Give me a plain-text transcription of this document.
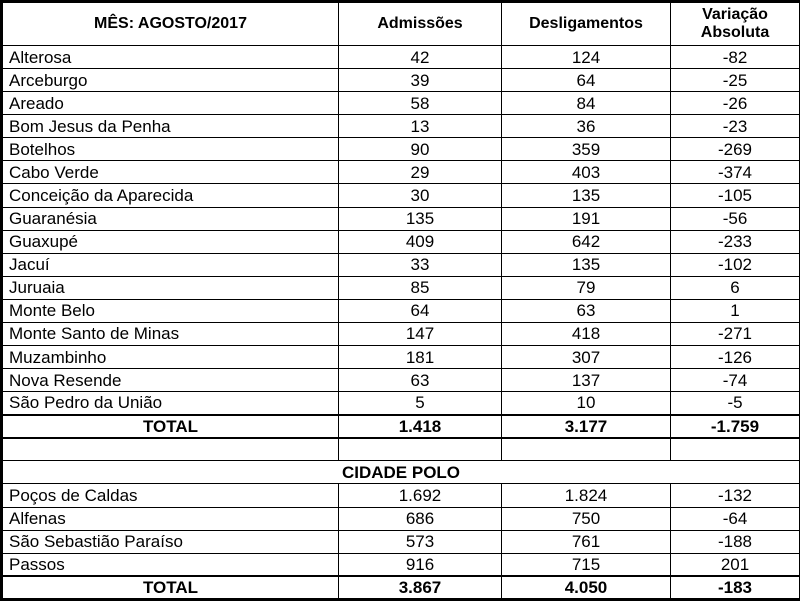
MÊS: AGOSTO/2017	Admissões	Desligamentos	Variação
Absoluta
Alterosa	42	124	-82
Arceburgo	39	64	-25
Areado	58	84	-26
Bom Jesus da Penha	13	36	-23
Botelhos	90	359	-269
Cabo Verde	29	403	-374
Conceição da Aparecida	30	135	-105
Guaranésia	135	191	-56
Guaxupé	409	642	-233
Jacuí	33	135	-102
Juruaia	85	79	6
Monte Belo	64	63	1
Monte Santo de Minas	147	418	-271
Muzambinho	181	307	-126
Nova Resende	63	137	-74
São Pedro da União	5	10	-5
TOTAL	1.418	3.177	-1.759

CIDADE POLO			
Poços de Caldas	1.692	1.824	-132
Alfenas	686	750	-64
São Sebastião Paraíso	573	761	-188
Passos	916	715	201
TOTAL	3.867	4.050	-183
